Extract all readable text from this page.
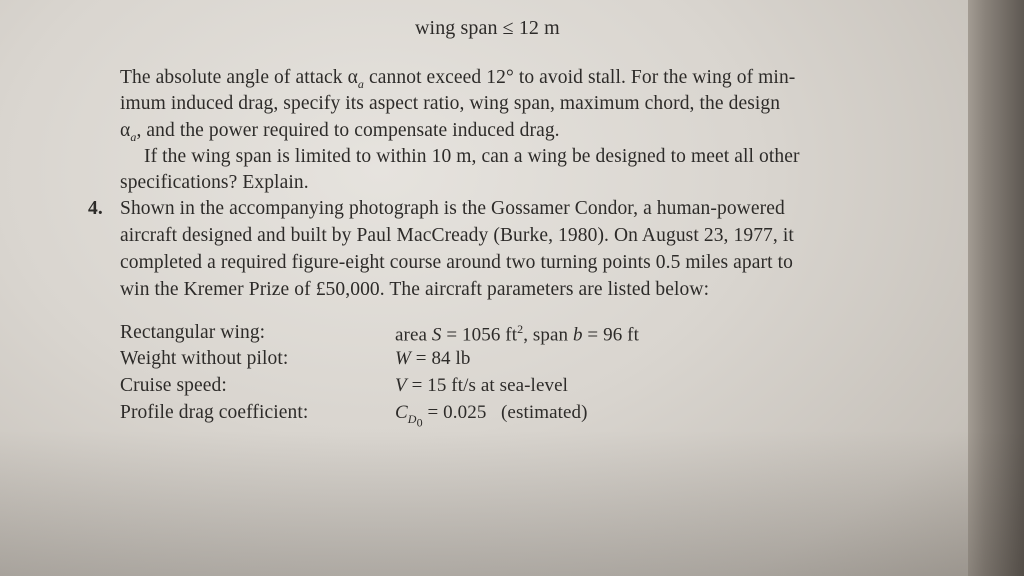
wing span ≤ 12 m
The absolute angle of attack $\alpha_a$ cannot exceed 12° to avoid stall. For the wing of min-
imum induced drag, specify its aspect ratio, wing span, maximum chord, the design
$\alpha_a$, and the power required to compensate induced drag.
If the wing span is limited to within 10 m, can a wing be designed to meet all other
specifications? Explain.
4. Shown in the accompanying photograph is the Gossamer Condor, a human-powered
aircraft designed and built by Paul MacCready (Burke, 1980). On August 23, 1977, it
completed a required figure-eight course around two turning points 0.5 miles apart to
win the Kremer Prize of £50,000. The aircraft parameters are listed below:
Rectangular wing:	area S = 1056 $ft^2$, span b = 96 ft
Weight without pilot:	W = 84 lb
Cruise speed:	V = 15 ft/s at sea-level
Profile drag coefficient:	$C_{D_0} = 0.025$ (estimated)
